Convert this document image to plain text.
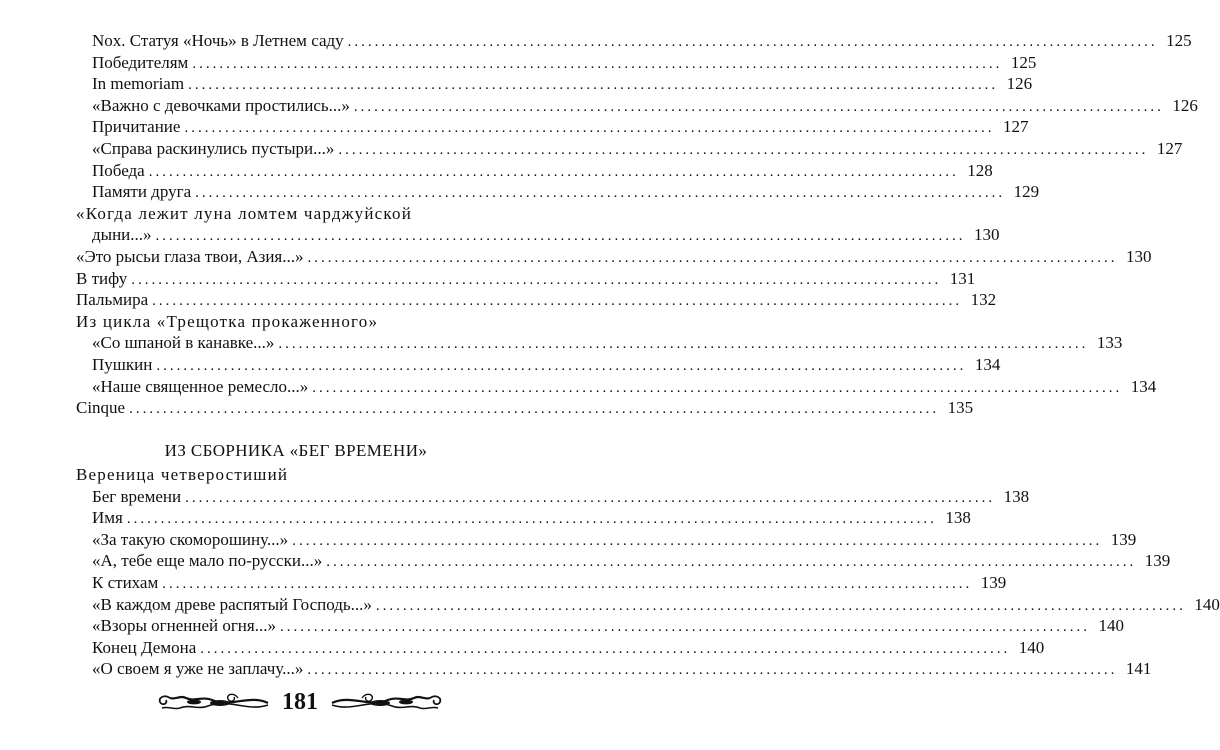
Nox. Статуя «Ночь» в Летнем саду ........................................................................................................................ 125
Победителям ........................................................................................................................ 125
In memoriam ........................................................................................................................ 126
«Важно с девочками простились...» ........................................................................................................................ 126
Причитание ........................................................................................................................ 127
«Справа раскинулись пустыри...» ........................................................................................................................ 127
Победа ........................................................................................................................ 128
Памяти друга ........................................................................................................................ 129
«Когда лежит луна ломтем чарджуйской
дыни...» ........................................................................................................................ 130
«Это рысьи глаза твои, Азия...» ........................................................................................................................ 130
В тифу ........................................................................................................................ 131
Пальмира ........................................................................................................................ 132
Из цикла «Трещотка прокаженного»
«Со шпаной в канавке...» ........................................................................................................................ 133
Пушкин ........................................................................................................................ 134
«Наше священное ремесло...» ........................................................................................................................ 134
Cinque ........................................................................................................................ 135
ИЗ СБОРНИКА «БЕГ ВРЕМЕНИ»
Вереница четверостиший
Бег времени ........................................................................................................................ 138
Имя ........................................................................................................................ 138
«За такую скоморошину...» ........................................................................................................................ 139
«А, тебе еще мало по-русски...» ........................................................................................................................ 139
К стихам ........................................................................................................................ 139
«В каждом древе распятый Господь...» ........................................................................................................................ 140
«Взоры огненней огня...» ........................................................................................................................ 140
Конец Демона ........................................................................................................................ 140
«О своем я уже не заплачу...» ........................................................................................................................ 141
181
